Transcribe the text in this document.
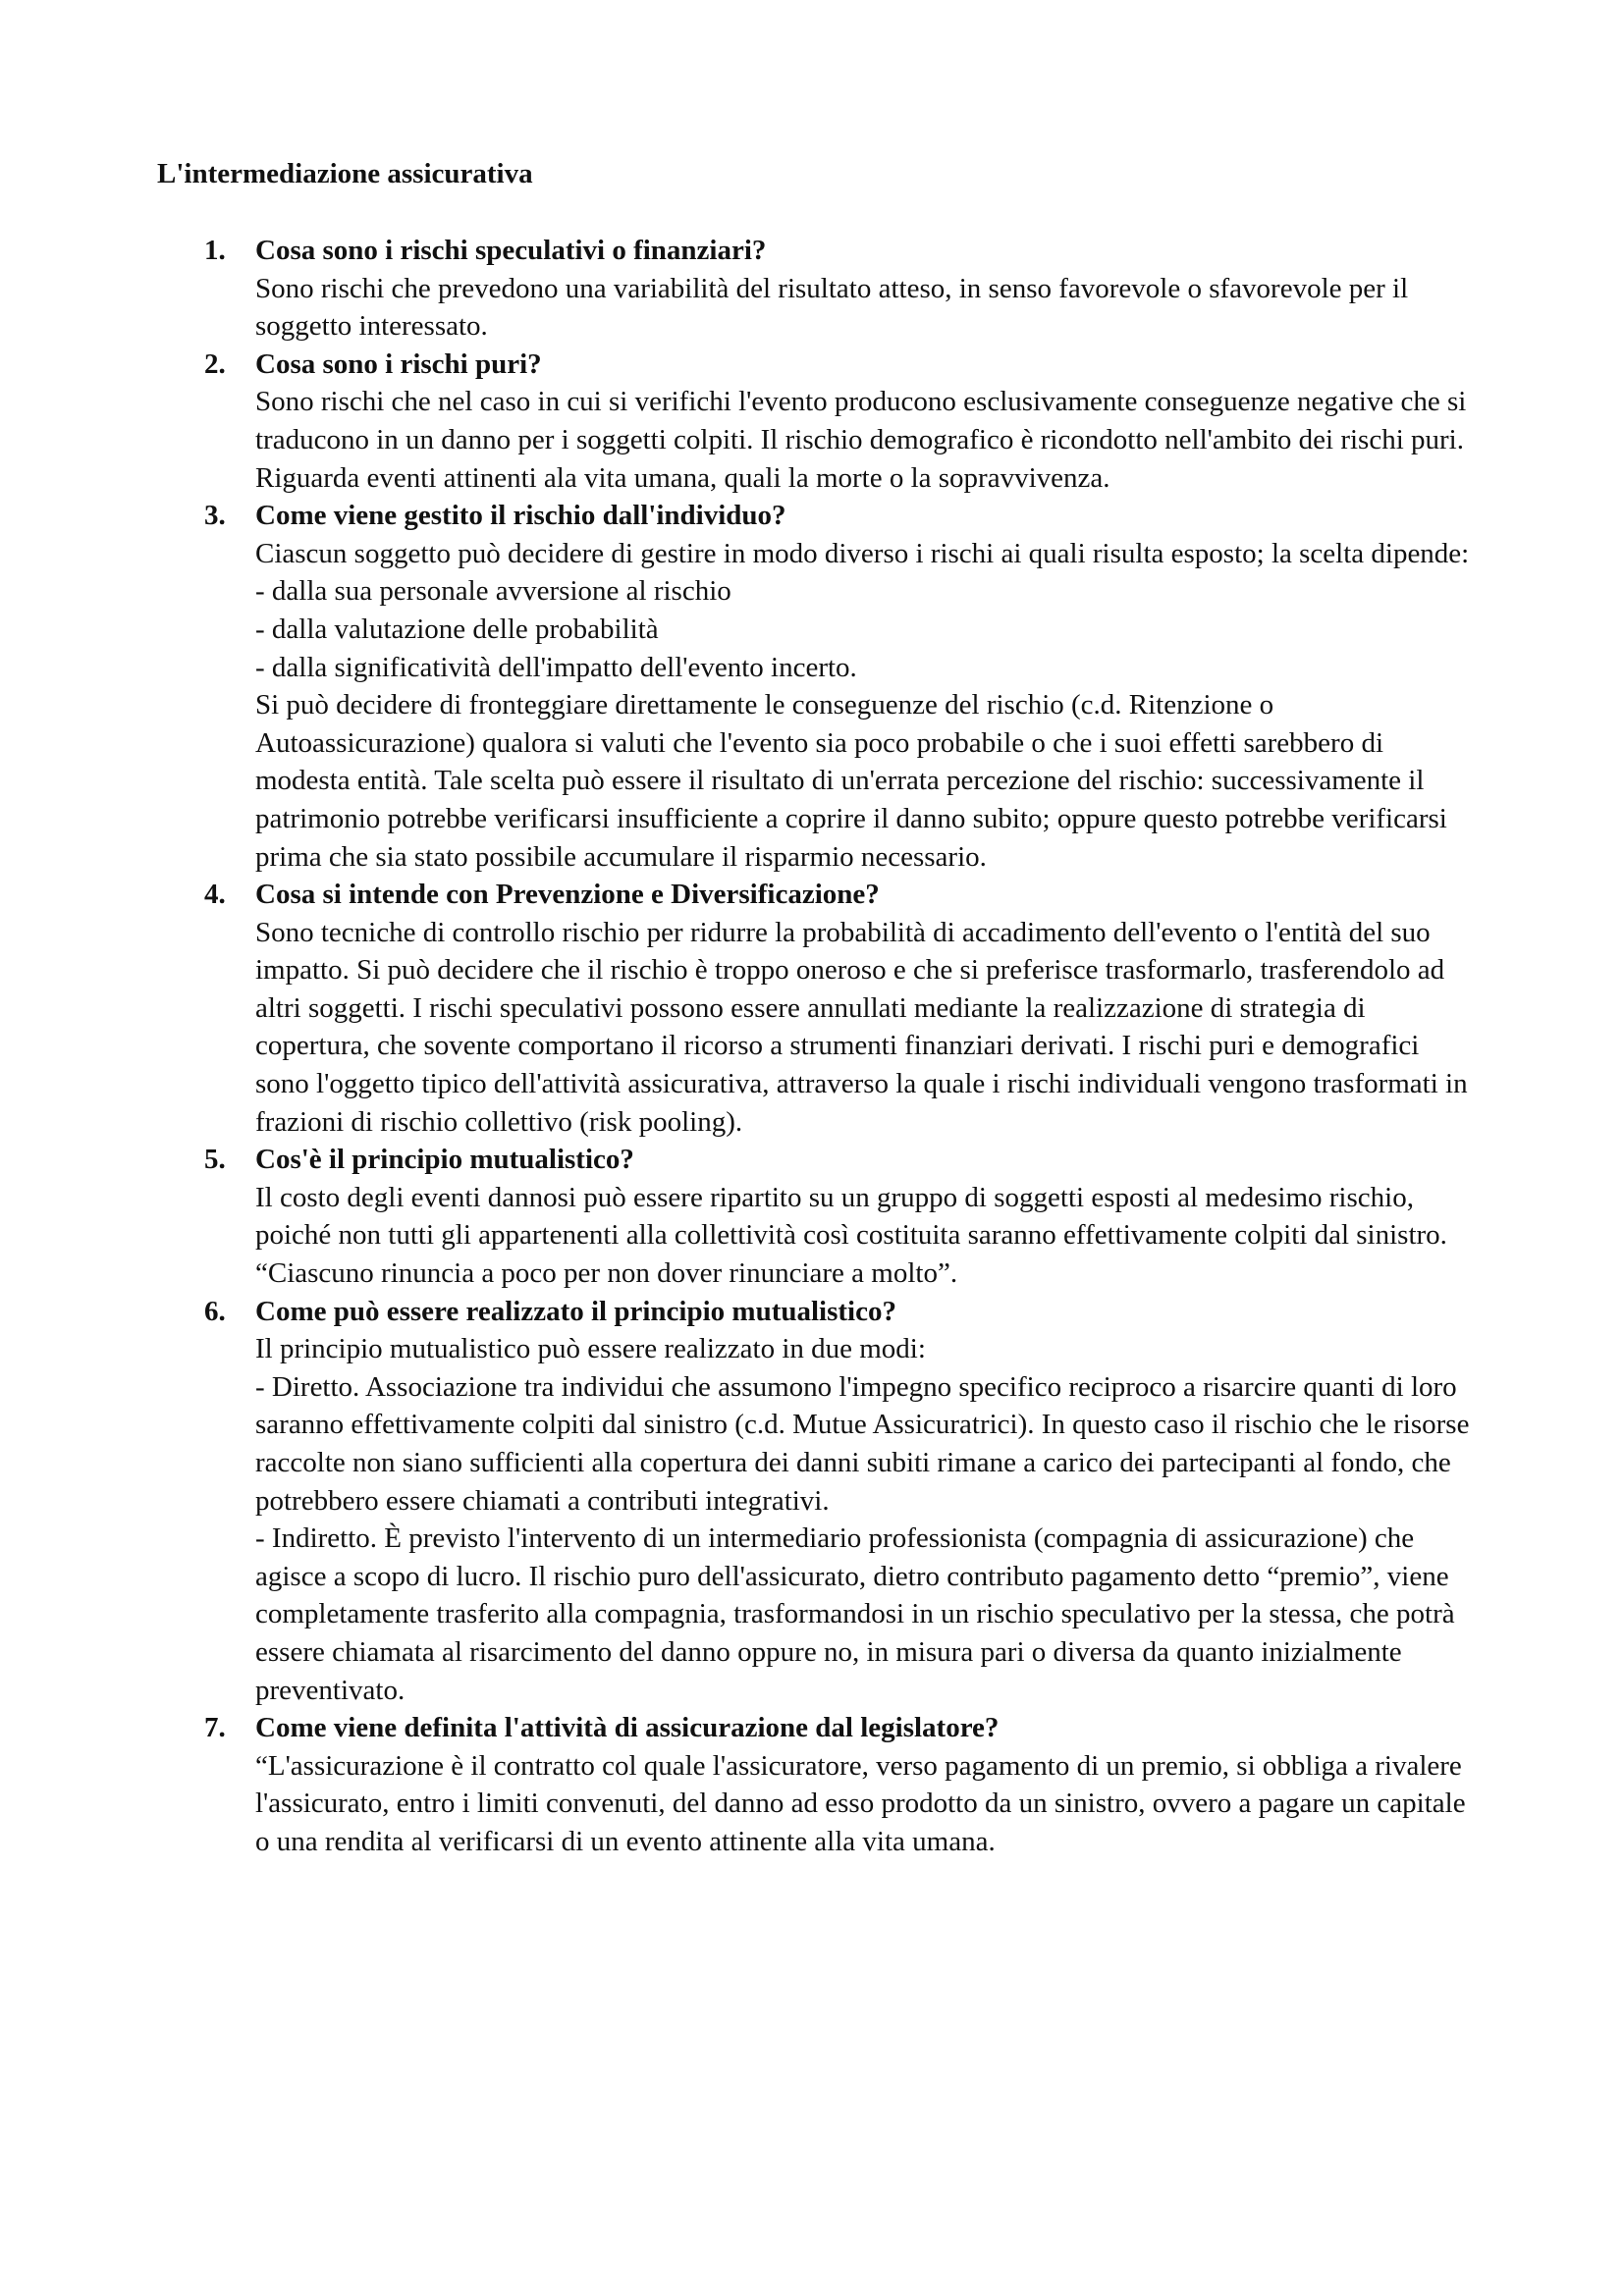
L'intermediazione assicurativa
1. Cosa sono i rischi speculativi o finanziari?

Sono rischi che prevedono una variabilità del risultato atteso, in senso favorevole o sfavorevole per il soggetto interessato.

2. Cosa sono i rischi puri?

Sono rischi che nel caso in cui si verifichi l'evento producono esclusivamente conseguenze negative che si traducono in un danno per i soggetti colpiti. Il rischio demografico è ricondotto nell'ambito dei rischi puri. Riguarda eventi attinenti ala vita umana, quali la morte o la sopravvivenza.

3. Come viene gestito il rischio dall'individuo?

Ciascun soggetto può decidere di gestire in modo diverso i rischi ai quali risulta esposto; la scelta dipende:

- dalla sua personale avversione al rischio

- dalla valutazione delle probabilità

- dalla significatività dell'impatto dell'evento incerto.

Si può decidere di fronteggiare direttamente le conseguenze del rischio (c.d. Ritenzione o Autoassicurazione) qualora si valuti che l'evento sia poco probabile o che i suoi effetti sarebbero di modesta entità. Tale scelta può essere il risultato di un'errata percezione del rischio: successivamente il patrimonio potrebbe verificarsi insufficiente a coprire il danno subito; oppure questo potrebbe verificarsi prima che sia stato possibile accumulare il risparmio necessario.

4. Cosa si intende con Prevenzione e Diversificazione?

Sono tecniche di controllo rischio per ridurre la probabilità di accadimento dell'evento o l'entità del suo impatto. Si può decidere che il rischio è troppo oneroso e che si preferisce trasformarlo, trasferendolo ad altri soggetti. I rischi speculativi possono essere annullati mediante la realizzazione di strategia di copertura, che sovente comportano il ricorso a strumenti finanziari derivati. I rischi puri e demografici sono l'oggetto tipico dell'attività assicurativa, attraverso la quale i rischi individuali vengono trasformati in frazioni di rischio collettivo (risk pooling).

5. Cos'è il principio mutualistico?

Il costo degli eventi dannosi può essere ripartito su un gruppo di soggetti esposti al medesimo rischio, poiché non tutti gli appartenenti alla collettività così costituita saranno effettivamente colpiti dal sinistro. “Ciascuno rinuncia a poco per non dover rinunciare a molto”.

6. Come può essere realizzato il principio mutualistico?

Il principio mutualistico può essere realizzato in due modi:

- Diretto. Associazione tra individui che assumono l'impegno specifico reciproco a risarcire quanti di loro saranno effettivamente colpiti dal sinistro (c.d. Mutue Assicuratrici). In questo caso il rischio che le risorse raccolte non siano sufficienti alla copertura dei danni subiti rimane a carico dei partecipanti al fondo, che potrebbero essere chiamati a contributi integrativi.

- Indiretto. È previsto l'intervento di un intermediario professionista (compagnia di assicurazione) che agisce a scopo di lucro. Il rischio puro dell'assicurato, dietro contributo pagamento detto “premio”, viene completamente trasferito alla compagnia, trasformandosi in un rischio speculativo per la stessa, che potrà essere chiamata al risarcimento del danno oppure no, in misura pari o diversa da quanto inizialmente preventivato.

7. Come viene definita l'attività di assicurazione dal legislatore?

“L'assicurazione è il contratto col quale l'assicuratore, verso pagamento di un premio, si obbliga a rivalere l'assicurato, entro i limiti convenuti, del danno ad esso prodotto da un sinistro, ovvero a pagare un capitale o una rendita al verificarsi di un evento attinente alla vita umana.
